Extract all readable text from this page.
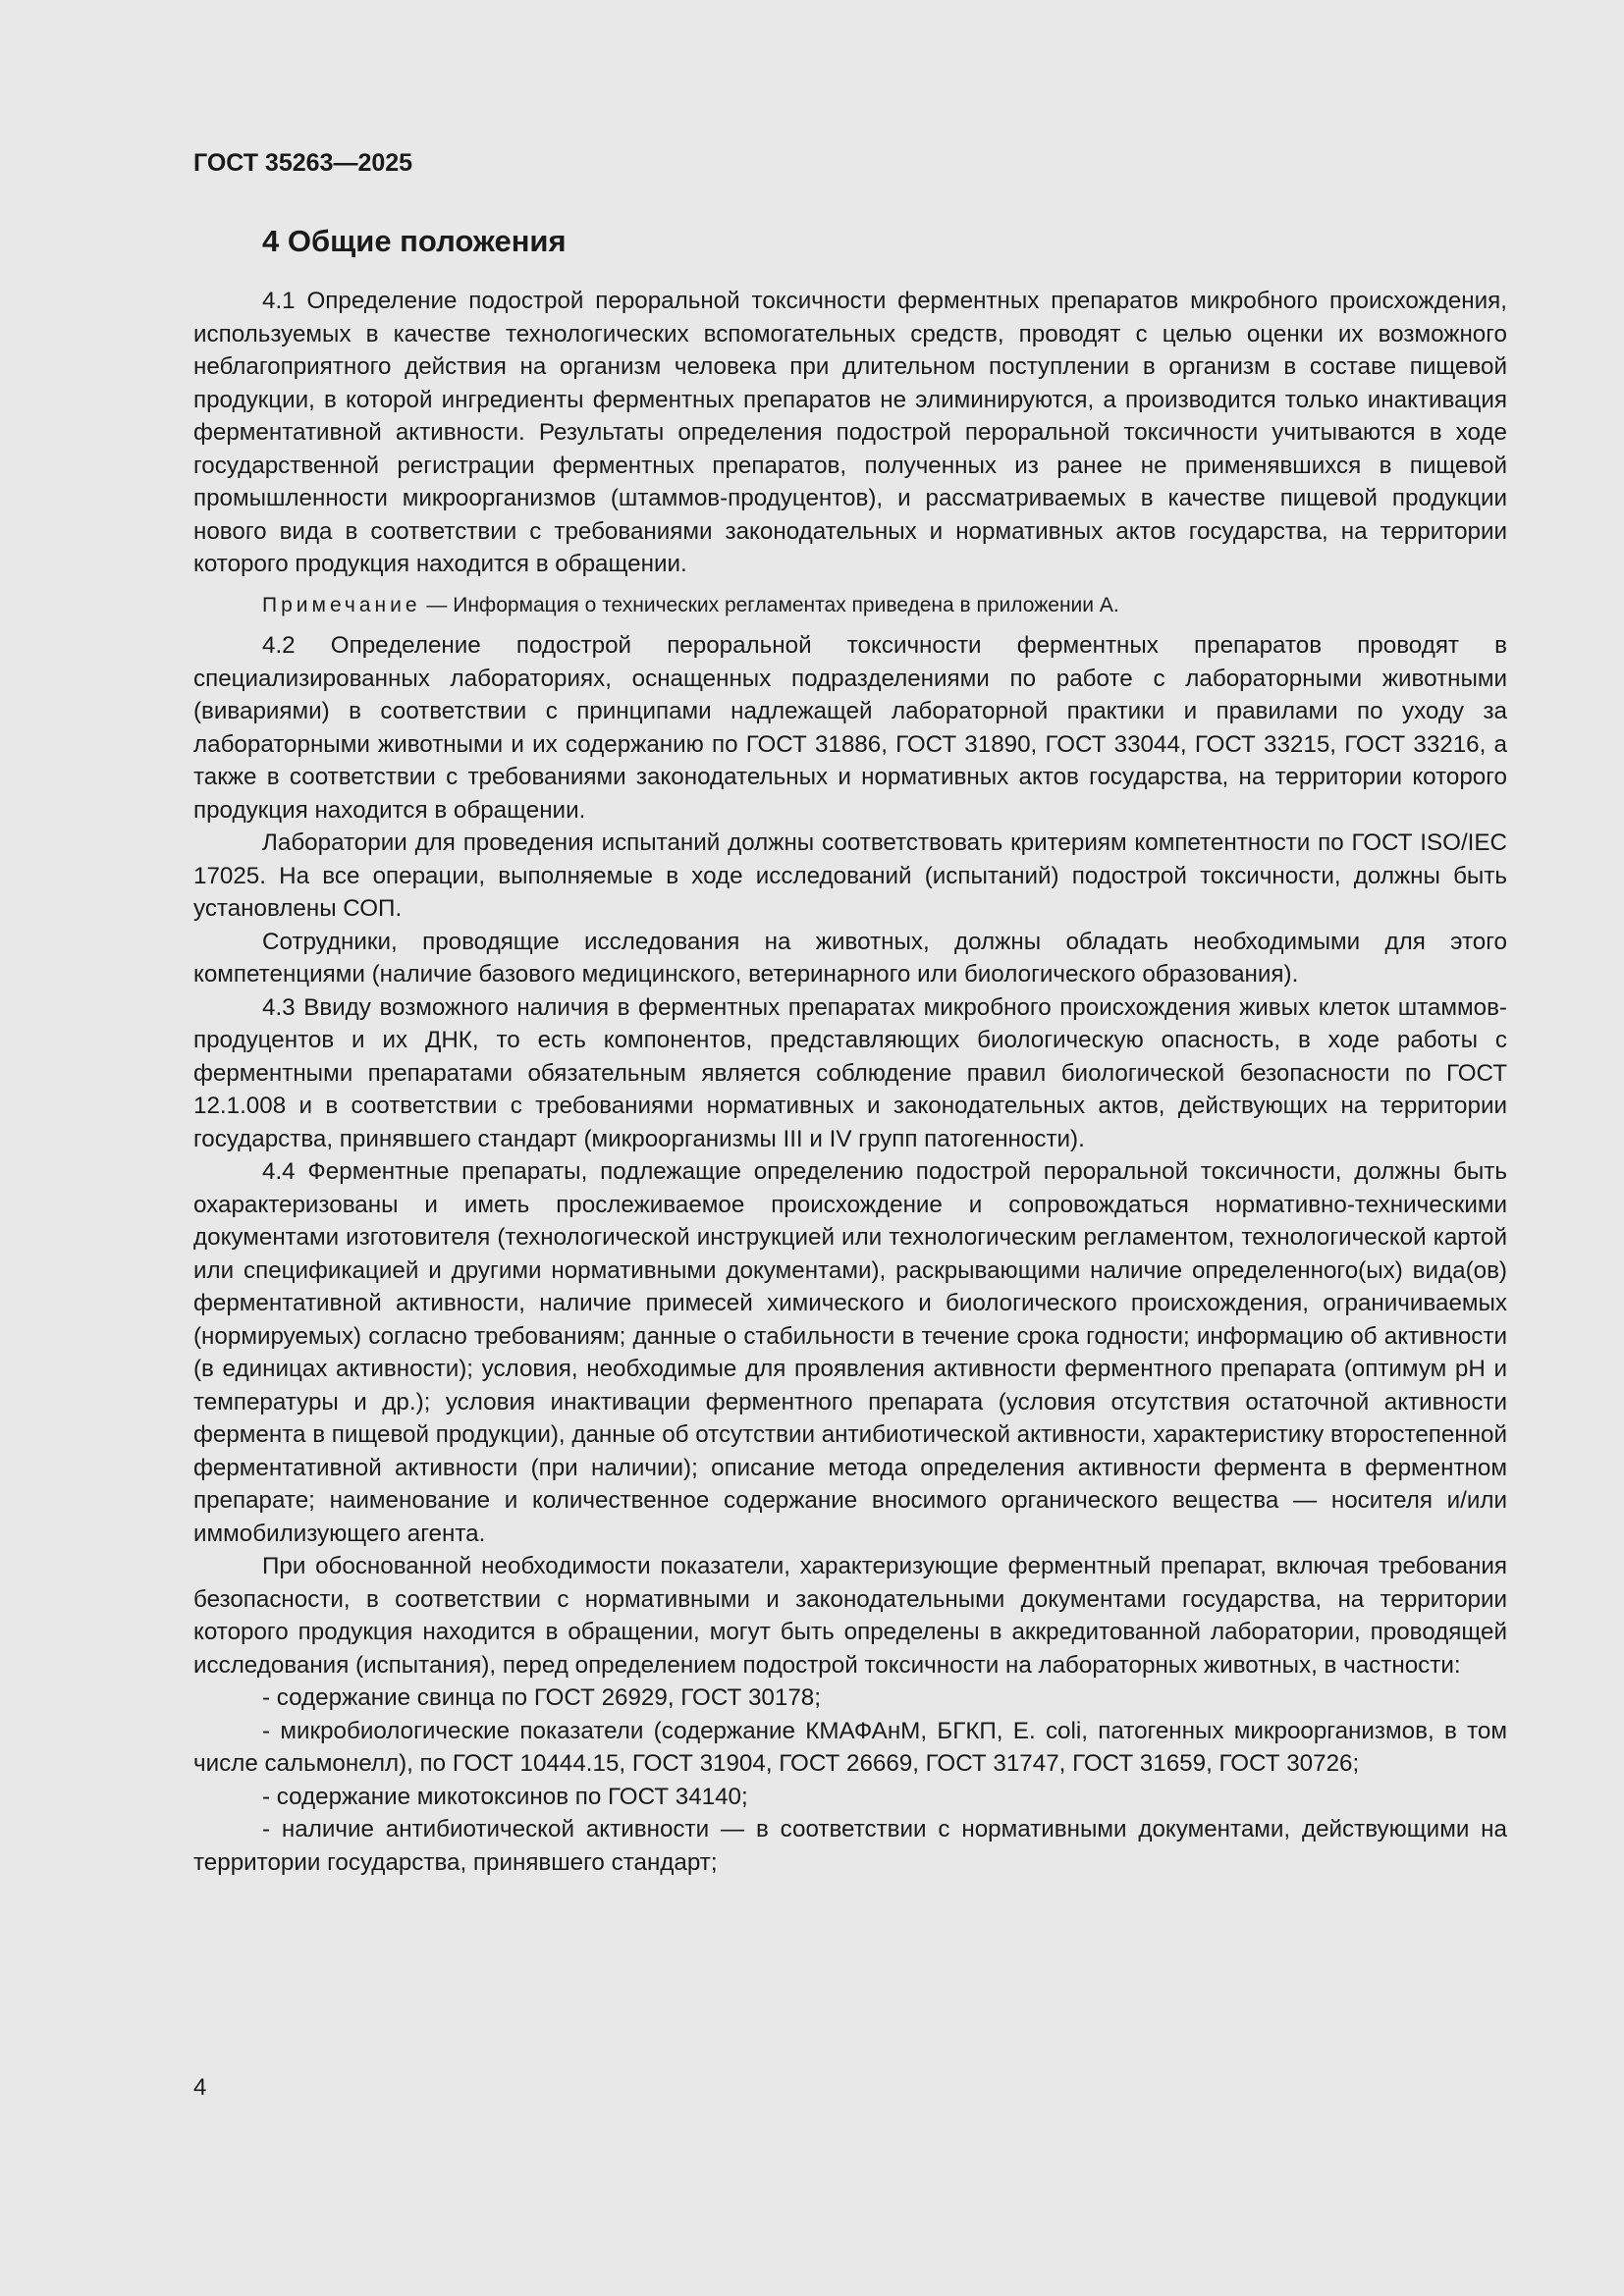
ГОСТ 35263—2025

4 Общие положения

4.1 Определение подострой пероральной токсичности ферментных препаратов микробного происхождения, используемых в качестве технологических вспомогательных средств, проводят с целью оценки их возможного неблагоприятного действия на организм человека при длительном поступлении в организм в составе пищевой продукции, в которой ингредиенты ферментных препаратов не элиминируются, а производится только инактивация ферментативной активности. Результаты определения подострой пероральной токсичности учитываются в ходе государственной регистрации ферментных препаратов, полученных из ранее не применявшихся в пищевой промышленности микроорганизмов (штаммов-продуцентов), и рассматриваемых в качестве пищевой продукции нового вида в соответствии с требованиями законодательных и нормативных актов государства, на территории которого продукция находится в обращении.

Примечание — Информация о технических регламентах приведена в приложении А.

4.2 Определение подострой пероральной токсичности ферментных препаратов проводят в специализированных лабораториях, оснащенных подразделениями по работе с лабораторными животными (вивариями) в соответствии с принципами надлежащей лабораторной практики и правилами по уходу за лабораторными животными и их содержанию по ГОСТ 31886, ГОСТ 31890, ГОСТ 33044, ГОСТ 33215, ГОСТ 33216, а также в соответствии с требованиями законодательных и нормативных актов государства, на территории которого продукция находится в обращении.

Лаборатории для проведения испытаний должны соответствовать критериям компетентности по ГОСТ ISO/IEC 17025. На все операции, выполняемые в ходе исследований (испытаний) подострой токсичности, должны быть установлены СОП.

Сотрудники, проводящие исследования на животных, должны обладать необходимыми для этого компетенциями (наличие базового медицинского, ветеринарного или биологического образования).

4.3 Ввиду возможного наличия в ферментных препаратах микробного происхождения живых клеток штаммов-продуцентов и их ДНК, то есть компонентов, представляющих биологическую опасность, в ходе работы с ферментными препаратами обязательным является соблюдение правил биологической безопасности по ГОСТ 12.1.008 и в соответствии с требованиями нормативных и законодательных актов, действующих на территории государства, принявшего стандарт (микроорганизмы III и IV групп патогенности).

4.4 Ферментные препараты, подлежащие определению подострой пероральной токсичности, должны быть охарактеризованы и иметь прослеживаемое происхождение и сопровождаться нормативно-техническими документами изготовителя (технологической инструкцией или технологическим регламентом, технологической картой или спецификацией и другими нормативными документами), раскрывающими наличие определенного(ых) вида(ов) ферментативной активности, наличие примесей химического и биологического происхождения, ограничиваемых (нормируемых) согласно требованиям; данные о стабильности в течение срока годности; информацию об активности (в единицах активности); условия, необходимые для проявления активности ферментного препарата (оптимум рН и температуры и др.); условия инактивации ферментного препарата (условия отсутствия остаточной активности фермента в пищевой продукции), данные об отсутствии антибиотической активности, характеристику второстепенной ферментативной активности (при наличии); описание метода определения активности фермента в ферментном препарате; наименование и количественное содержание вносимого органического вещества — носителя и/или иммобилизующего агента.

При обоснованной необходимости показатели, характеризующие ферментный препарат, включая требования безопасности, в соответствии с нормативными и законодательными документами государства, на территории которого продукция находится в обращении, могут быть определены в аккредитованной лаборатории, проводящей исследования (испытания), перед определением подострой токсичности на лабораторных животных, в частности:

- содержание свинца по ГОСТ 26929, ГОСТ 30178;

- микробиологические показатели (содержание КМАФАнМ, БГКП, E. coli, патогенных микроорганизмов, в том числе сальмонелл), по ГОСТ 10444.15, ГОСТ 31904, ГОСТ 26669, ГОСТ 31747, ГОСТ 31659, ГОСТ 30726;

- содержание микотоксинов по ГОСТ 34140;

- наличие антибиотической активности — в соответствии с нормативными документами, действующими на территории государства, принявшего стандарт;

4
